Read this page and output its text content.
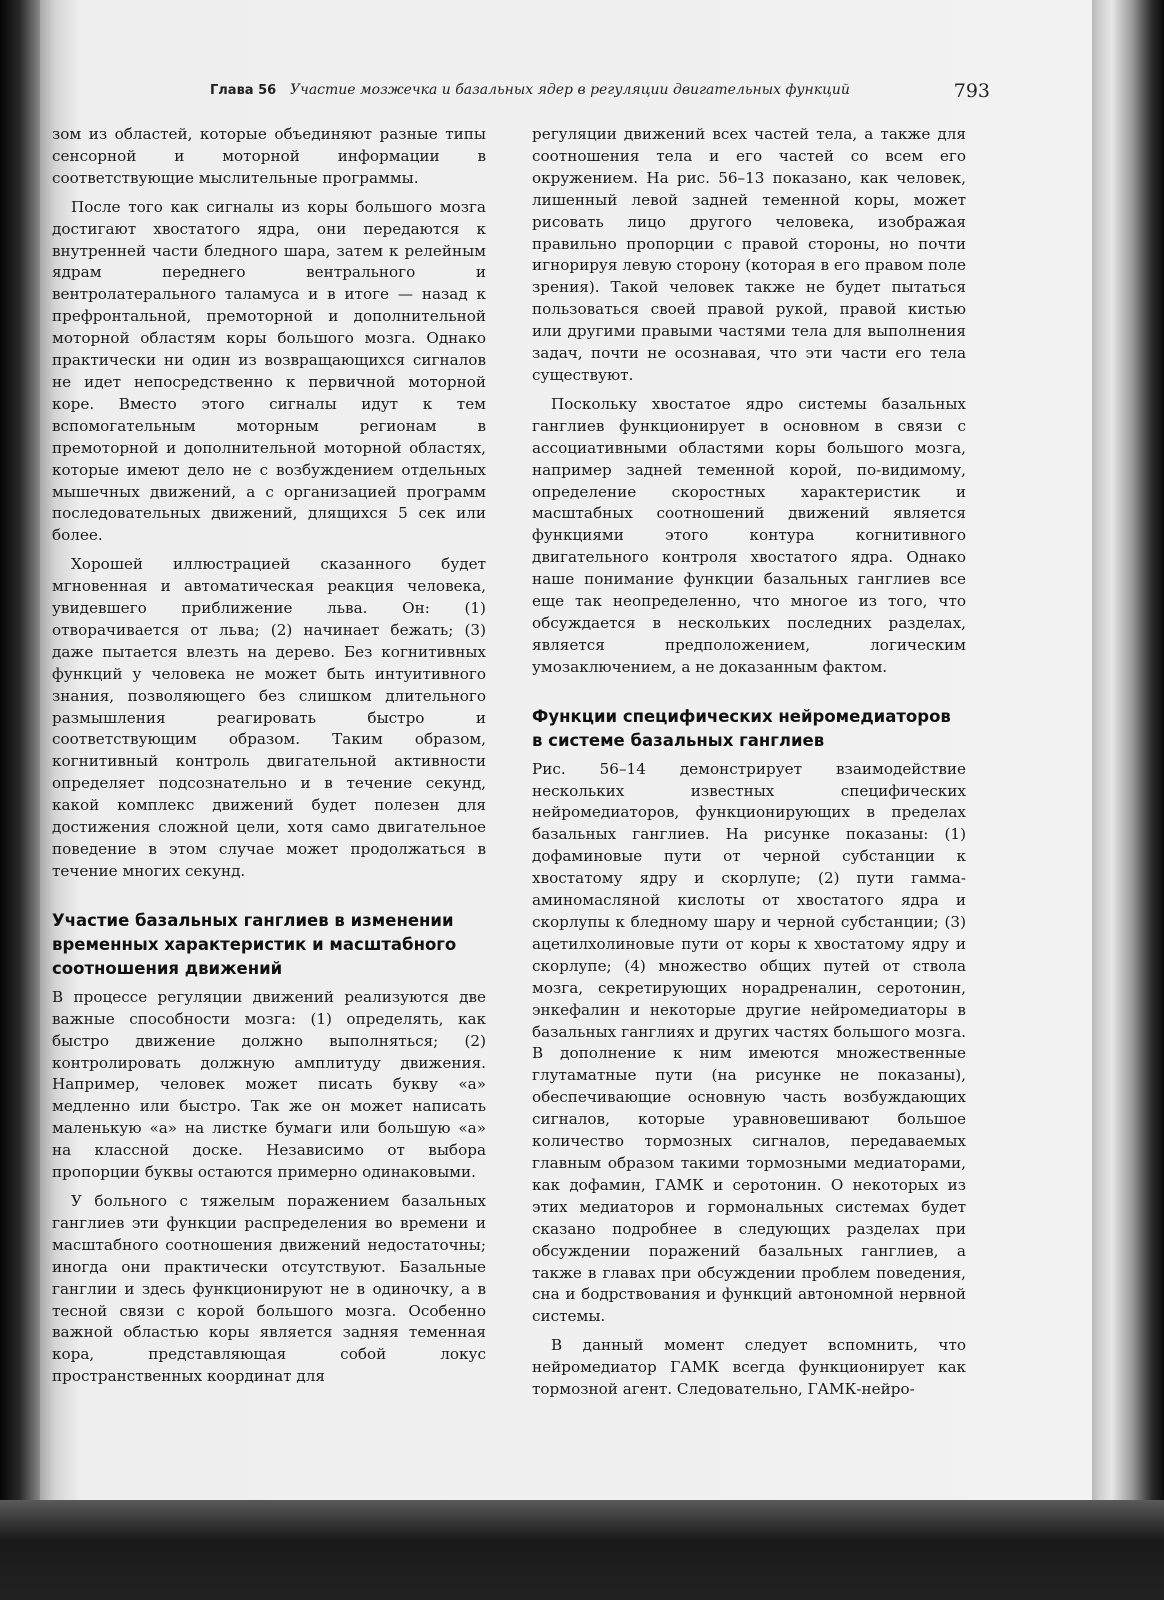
Глава 56 Участие мозжечка и базальных ядер в регуляции двигательных функций	793

зом из областей, которые объединяют разные типы сенсорной и моторной информации в соответствующие мыслительные программы.

После того как сигналы из коры большого мозга достигают хвостатого ядра, они передаются к внутренней части бледного шара, затем к релейным ядрам переднего вентрального и вентролатерального таламуса и в итоге — назад к префронтальной, премоторной и дополнительной моторной областям коры большого мозга. Однако практически ни один из возвращающихся сигналов не идет непосредственно к первичной моторной коре. Вместо этого сигналы идут к тем вспомогательным моторным регионам в премоторной и дополнительной моторной областях, которые имеют дело не с возбуждением отдельных мышечных движений, а с организацией программ последовательных движений, длящихся 5 сек или более.

Хорошей иллюстрацией сказанного будет мгновенная и автоматическая реакция человека, увидевшего приближение льва. Он: (1) отворачивается от льва; (2) начинает бежать; (3) даже пытается влезть на дерево. Без когнитивных функций у человека не может быть интуитивного знания, позволяющего без слишком длительного размышления реагировать быстро и соответствующим образом. Таким образом, когнитивный контроль двигательной активности определяет подсознательно и в течение секунд, какой комплекс движений будет полезен для достижения сложной цели, хотя само двигательное поведение в этом случае может продолжаться в течение многих секунд.

Участие базальных ганглиев в изменении временных характеристик и масштабного соотношения движений

В процессе регуляции движений реализуются две важные способности мозга: (1) определять, как быстро движение должно выполняться; (2) контролировать должную амплитуду движения. Например, человек может писать букву «а» медленно или быстро. Так же он может написать маленькую «а» на листке бумаги или большую «а» на классной доске. Независимо от выбора пропорции буквы остаются примерно одинаковыми.

У больного с тяжелым поражением базальных ганглиев эти функции распределения во времени и масштабного соотношения движений недостаточны; иногда они практически отсутствуют. Базальные ганглии и здесь функционируют не в одиночку, а в тесной связи с корой большого мозга. Особенно важной областью коры является задняя теменная кора, представляющая собой локус пространственных координат для

регуляции движений всех частей тела, а также для соотношения тела и его частей со всем его окружением. На рис. 56–13 показано, как человек, лишенный левой задней теменной коры, может рисовать лицо другого человека, изображая правильно пропорции с правой стороны, но почти игнорируя левую сторону (которая в его правом поле зрения). Такой человек также не будет пытаться пользоваться своей правой рукой, правой кистью или другими правыми частями тела для выполнения задач, почти не осознавая, что эти части его тела существуют.

Поскольку хвостатое ядро системы базальных ганглиев функционирует в основном в связи с ассоциативными областями коры большого мозга, например задней теменной корой, по-видимому, определение скоростных характеристик и масштабных соотношений движений является функциями этого контура когнитивного двигательного контроля хвостатого ядра. Однако наше понимание функции базальных ганглиев все еще так неопределенно, что многое из того, что обсуждается в нескольких последних разделах, является предположением, логическим умозаключением, а не доказанным фактом.

Функции специфических нейромедиаторов в системе базальных ганглиев

Рис. 56–14 демонстрирует взаимодействие нескольких известных специфических нейромедиаторов, функционирующих в пределах базальных ганглиев. На рисунке показаны: (1) дофаминовые пути от черной субстанции к хвостатому ядру и скорлупе; (2) пути гамма-аминомасляной кислоты от хвостатого ядра и скорлупы к бледному шару и черной субстанции; (3) ацетилхолиновые пути от коры к хвостатому ядру и скорлупе; (4) множество общих путей от ствола мозга, секретирующих норадреналин, серотонин, энкефалин и некоторые другие нейромедиаторы в базальных ганглиях и других частях большого мозга. В дополнение к ним имеются множественные глутаматные пути (на рисунке не показаны), обеспечивающие основную часть возбуждающих сигналов, которые уравновешивают большое количество тормозных сигналов, передаваемых главным образом такими тормозными медиаторами, как дофамин, ГАМК и серотонин. О некоторых из этих медиаторов и гормональных системах будет сказано подробнее в следующих разделах при обсуждении поражений базальных ганглиев, а также в главах при обсуждении проблем поведения, сна и бодрствования и функций автономной нервной системы.

В данный момент следует вспомнить, что нейромедиатор ГАМК всегда функционирует как тормозной агент. Следовательно, ГАМК-нейро-
